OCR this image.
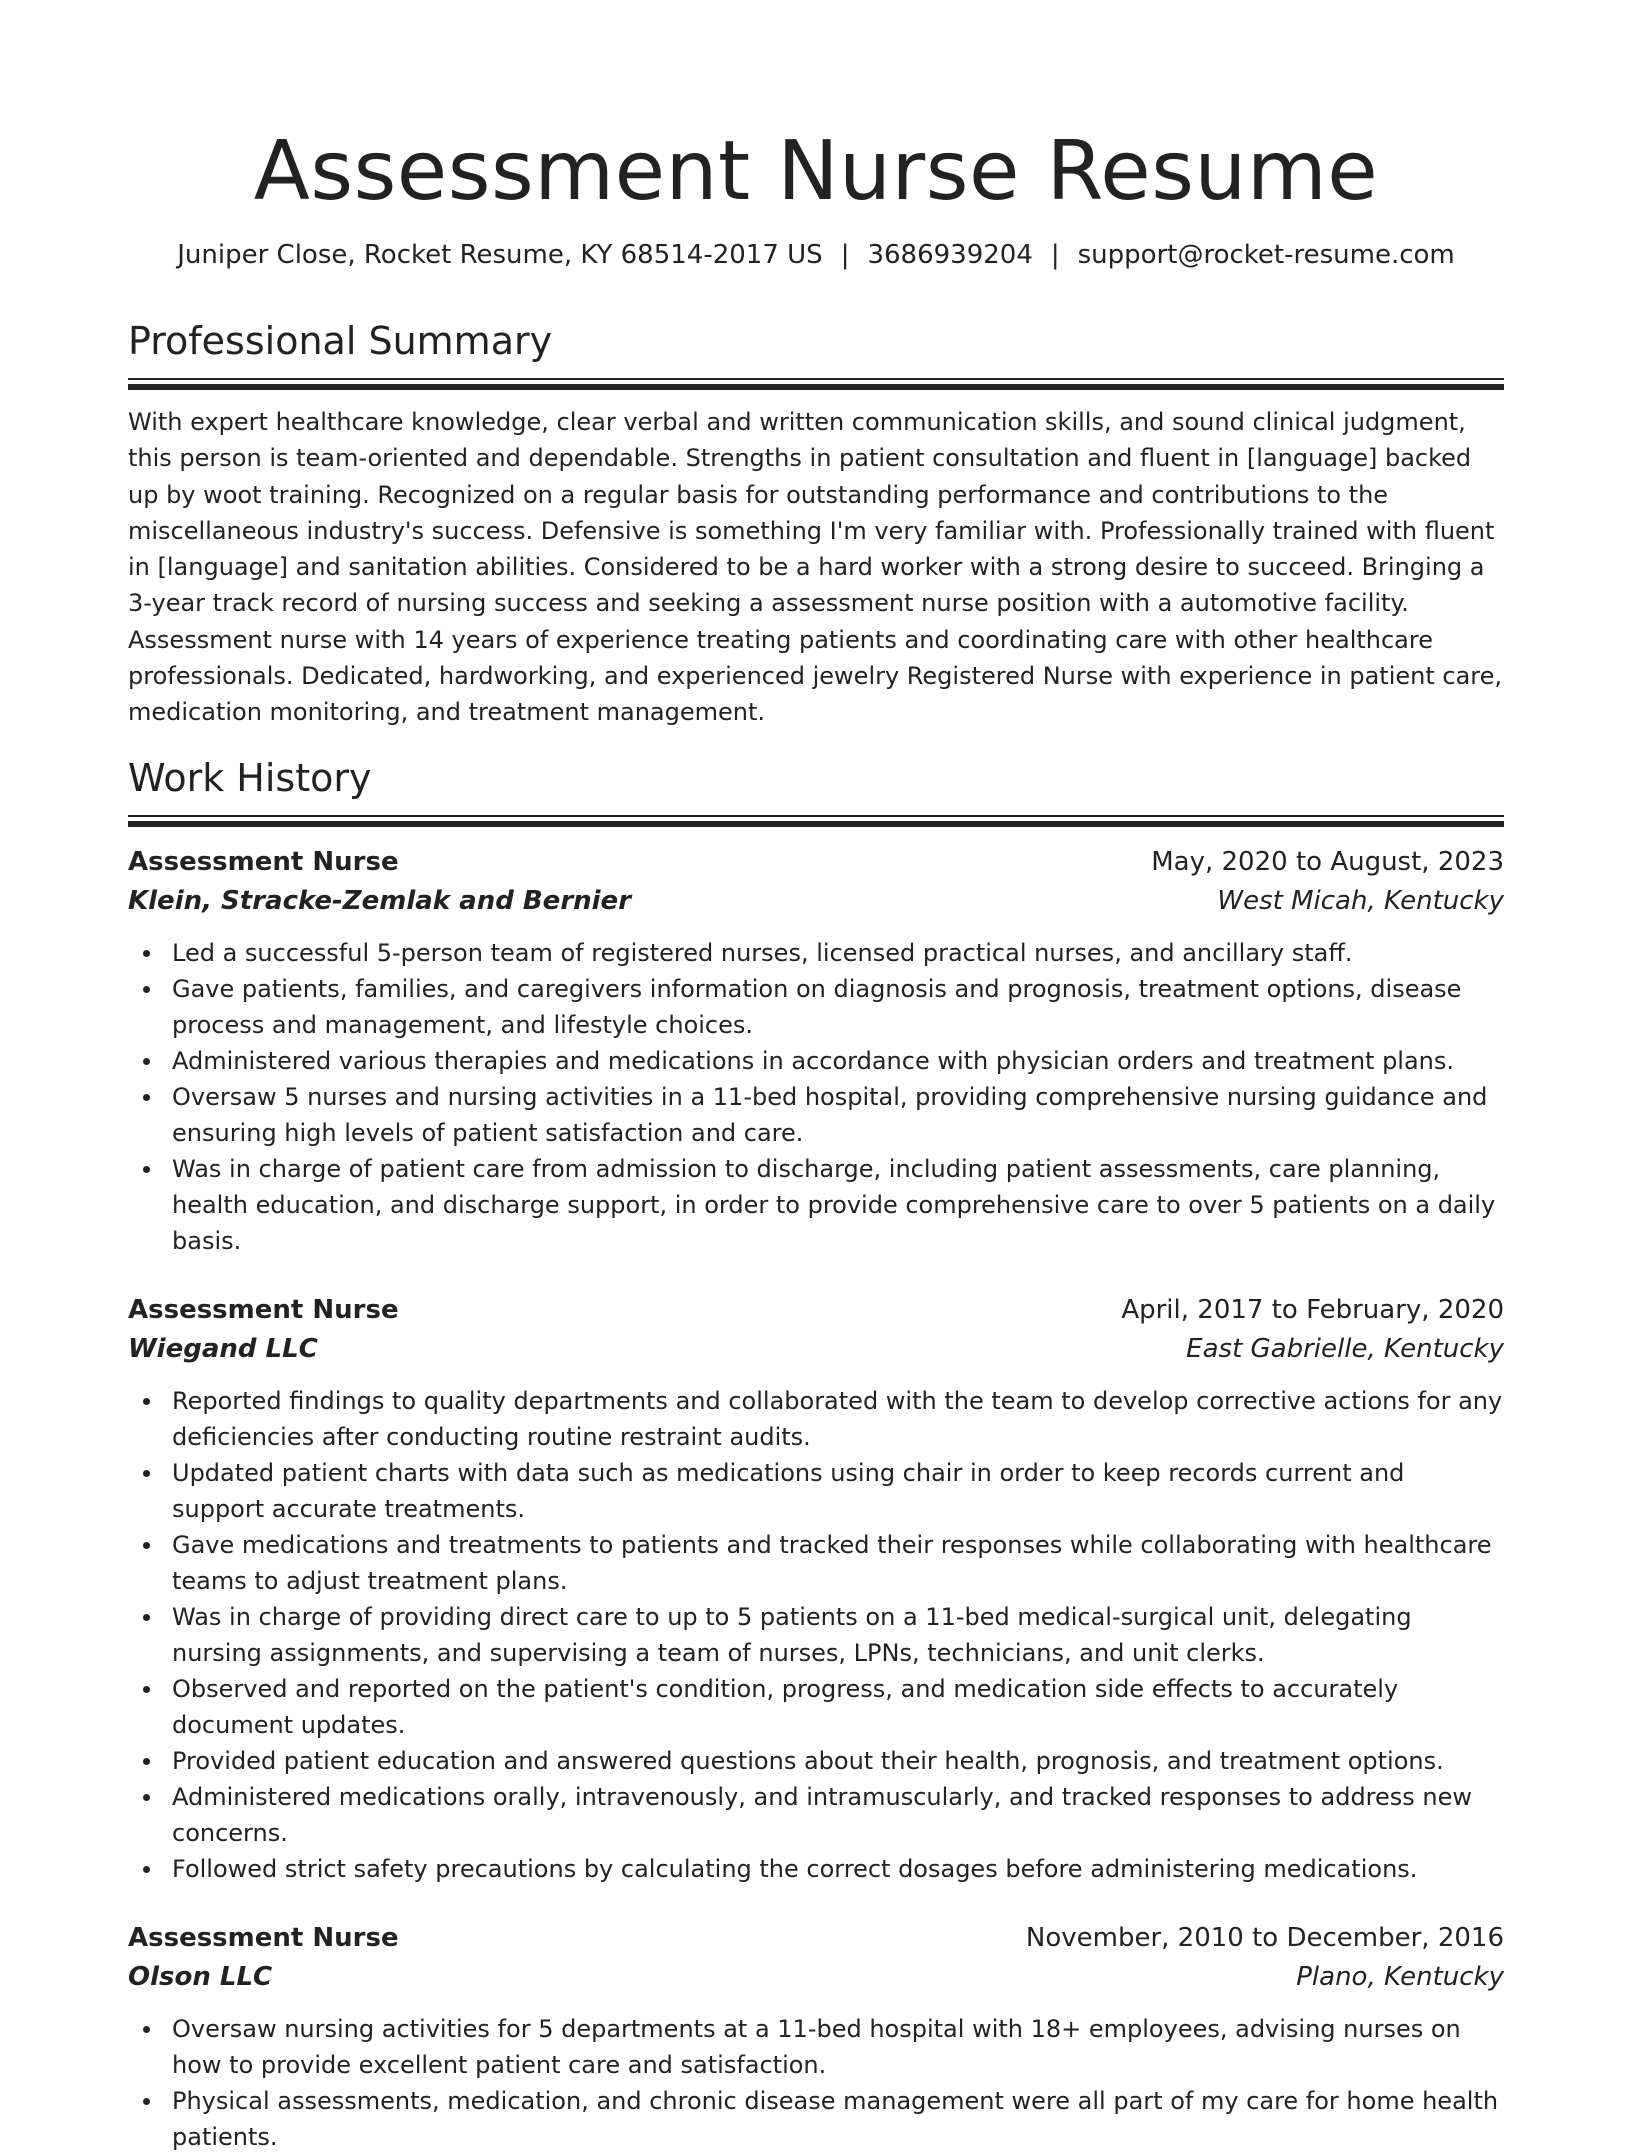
Assessment Nurse Resume
Juniper Close, Rocket Resume, KY 68514-2017 US | 3686939204 | support@rocket-resume.com
Professional Summary

With expert healthcare knowledge, clear verbal and written communication skills, and sound clinical judgment, this person is team-oriented and dependable. Strengths in patient consultation and fluent in [language] backed up by woot training. Recognized on a regular basis for outstanding performance and contributions to the miscellaneous industry's success. Defensive is something I'm very familiar with. Professionally trained with fluent in [language] and sanitation abilities. Considered to be a hard worker with a strong desire to succeed. Bringing a 3-year track record of nursing success and seeking a assessment nurse position with a automotive facility. Assessment nurse with 14 years of experience treating patients and coordinating care with other healthcare professionals. Dedicated, hardworking, and experienced jewelry Registered Nurse with experience in patient care, medication monitoring, and treatment management.

Work History
Assessment Nurse	May, 2020 to August, 2023
Klein, Stracke-Zemlak and Bernier	West Micah, Kentucky
Led a successful 5-person team of registered nurses, licensed practical nurses, and ancillary staff.
Gave patients, families, and caregivers information on diagnosis and prognosis, treatment options, disease process and management, and lifestyle choices.
Administered various therapies and medications in accordance with physician orders and treatment plans.
Oversaw 5 nurses and nursing activities in a 11-bed hospital, providing comprehensive nursing guidance and ensuring high levels of patient satisfaction and care.
Was in charge of patient care from admission to discharge, including patient assessments, care planning, health education, and discharge support, in order to provide comprehensive care to over 5 patients on a daily basis.
Assessment Nurse	April, 2017 to February, 2020
Wiegand LLC	East Gabrielle, Kentucky
Reported findings to quality departments and collaborated with the team to develop corrective actions for any deficiencies after conducting routine restraint audits.
Updated patient charts with data such as medications using chair in order to keep records current and support accurate treatments.
Gave medications and treatments to patients and tracked their responses while collaborating with healthcare teams to adjust treatment plans.
Was in charge of providing direct care to up to 5 patients on a 11-bed medical-surgical unit, delegating nursing assignments, and supervising a team of nurses, LPNs, technicians, and unit clerks.
Observed and reported on the patient's condition, progress, and medication side effects to accurately document updates.
Provided patient education and answered questions about their health, prognosis, and treatment options.
Administered medications orally, intravenously, and intramuscularly, and tracked responses to address new concerns.
Followed strict safety precautions by calculating the correct dosages before administering medications.
Assessment Nurse	November, 2010 to December, 2016
Olson LLC	Plano, Kentucky
Oversaw nursing activities for 5 departments at a 11-bed hospital with 18+ employees, advising nurses on how to provide excellent patient care and satisfaction.
Physical assessments, medication, and chronic disease management were all part of my care for home health patients.
